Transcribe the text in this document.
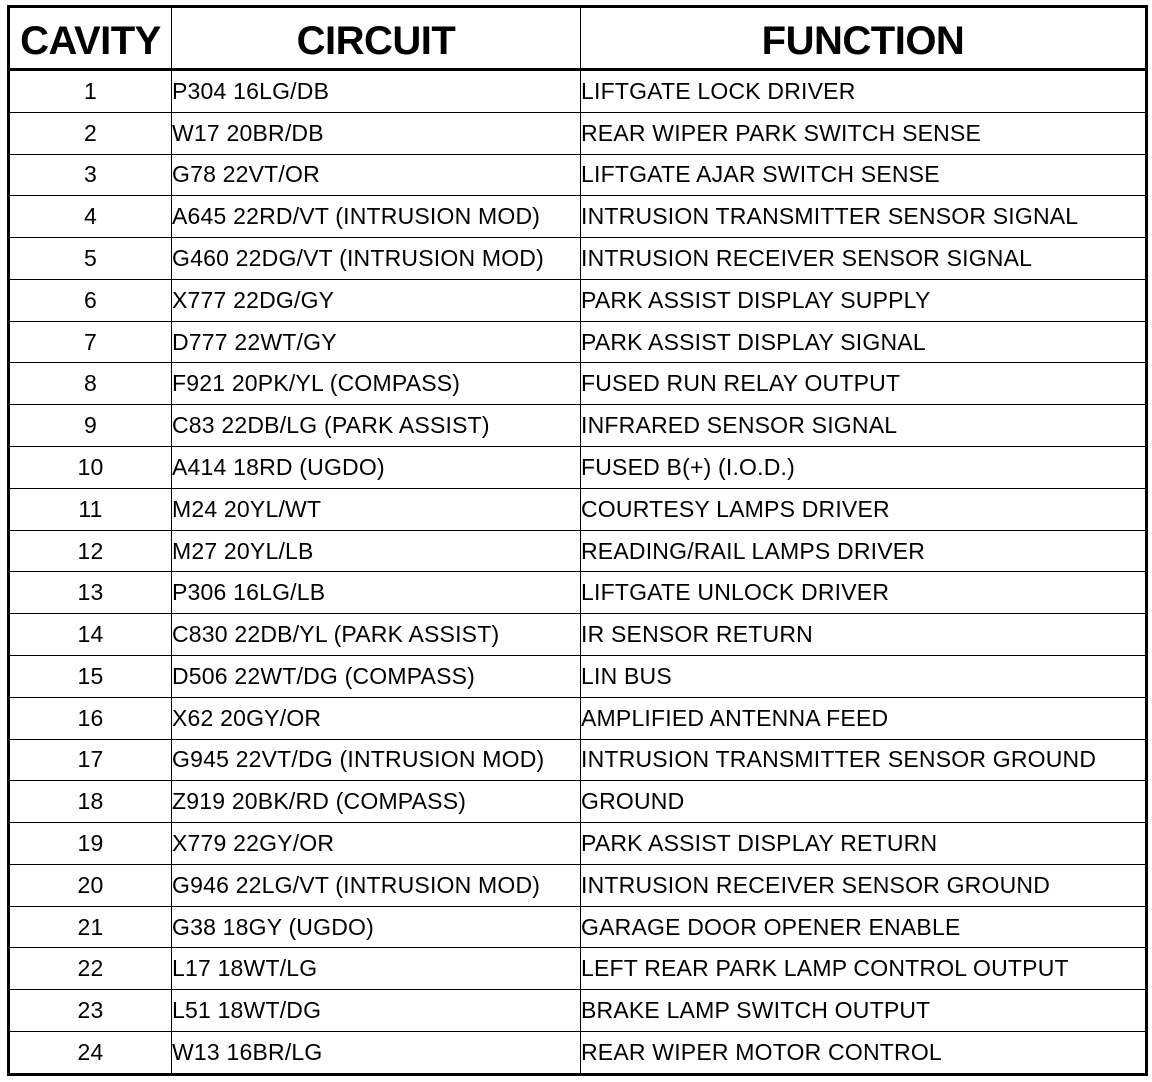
CAVITY	CIRCUIT	FUNCTION
1	P304 16LG/DB	LIFTGATE LOCK DRIVER
2	W17 20BR/DB	REAR WIPER PARK SWITCH SENSE
3	G78 22VT/OR	LIFTGATE AJAR SWITCH SENSE
4	A645 22RD/VT (INTRUSION MOD)	INTRUSION TRANSMITTER SENSOR SIGNAL
5	G460 22DG/VT (INTRUSION MOD)	INTRUSION RECEIVER SENSOR SIGNAL
6	X777 22DG/GY	PARK ASSIST DISPLAY SUPPLY
7	D777 22WT/GY	PARK ASSIST DISPLAY SIGNAL
8	F921 20PK/YL (COMPASS)	FUSED RUN RELAY OUTPUT
9	C83 22DB/LG (PARK ASSIST)	INFRARED SENSOR SIGNAL
10	A414 18RD (UGDO)	FUSED B(+) (I.O.D.)
11	M24 20YL/WT	COURTESY LAMPS DRIVER
12	M27 20YL/LB	READING/RAIL LAMPS DRIVER
13	P306 16LG/LB	LIFTGATE UNLOCK DRIVER
14	C830 22DB/YL (PARK ASSIST)	IR SENSOR RETURN
15	D506 22WT/DG (COMPASS)	LIN BUS
16	X62 20GY/OR	AMPLIFIED ANTENNA FEED
17	G945 22VT/DG (INTRUSION MOD)	INTRUSION TRANSMITTER SENSOR GROUND
18	Z919 20BK/RD (COMPASS)	GROUND
19	X779 22GY/OR	PARK ASSIST DISPLAY RETURN
20	G946 22LG/VT (INTRUSION MOD)	INTRUSION RECEIVER SENSOR GROUND
21	G38 18GY (UGDO)	GARAGE DOOR OPENER ENABLE
22	L17 18WT/LG	LEFT REAR PARK LAMP CONTROL OUTPUT
23	L51 18WT/DG	BRAKE LAMP SWITCH OUTPUT
24	W13 16BR/LG	REAR WIPER MOTOR CONTROL
